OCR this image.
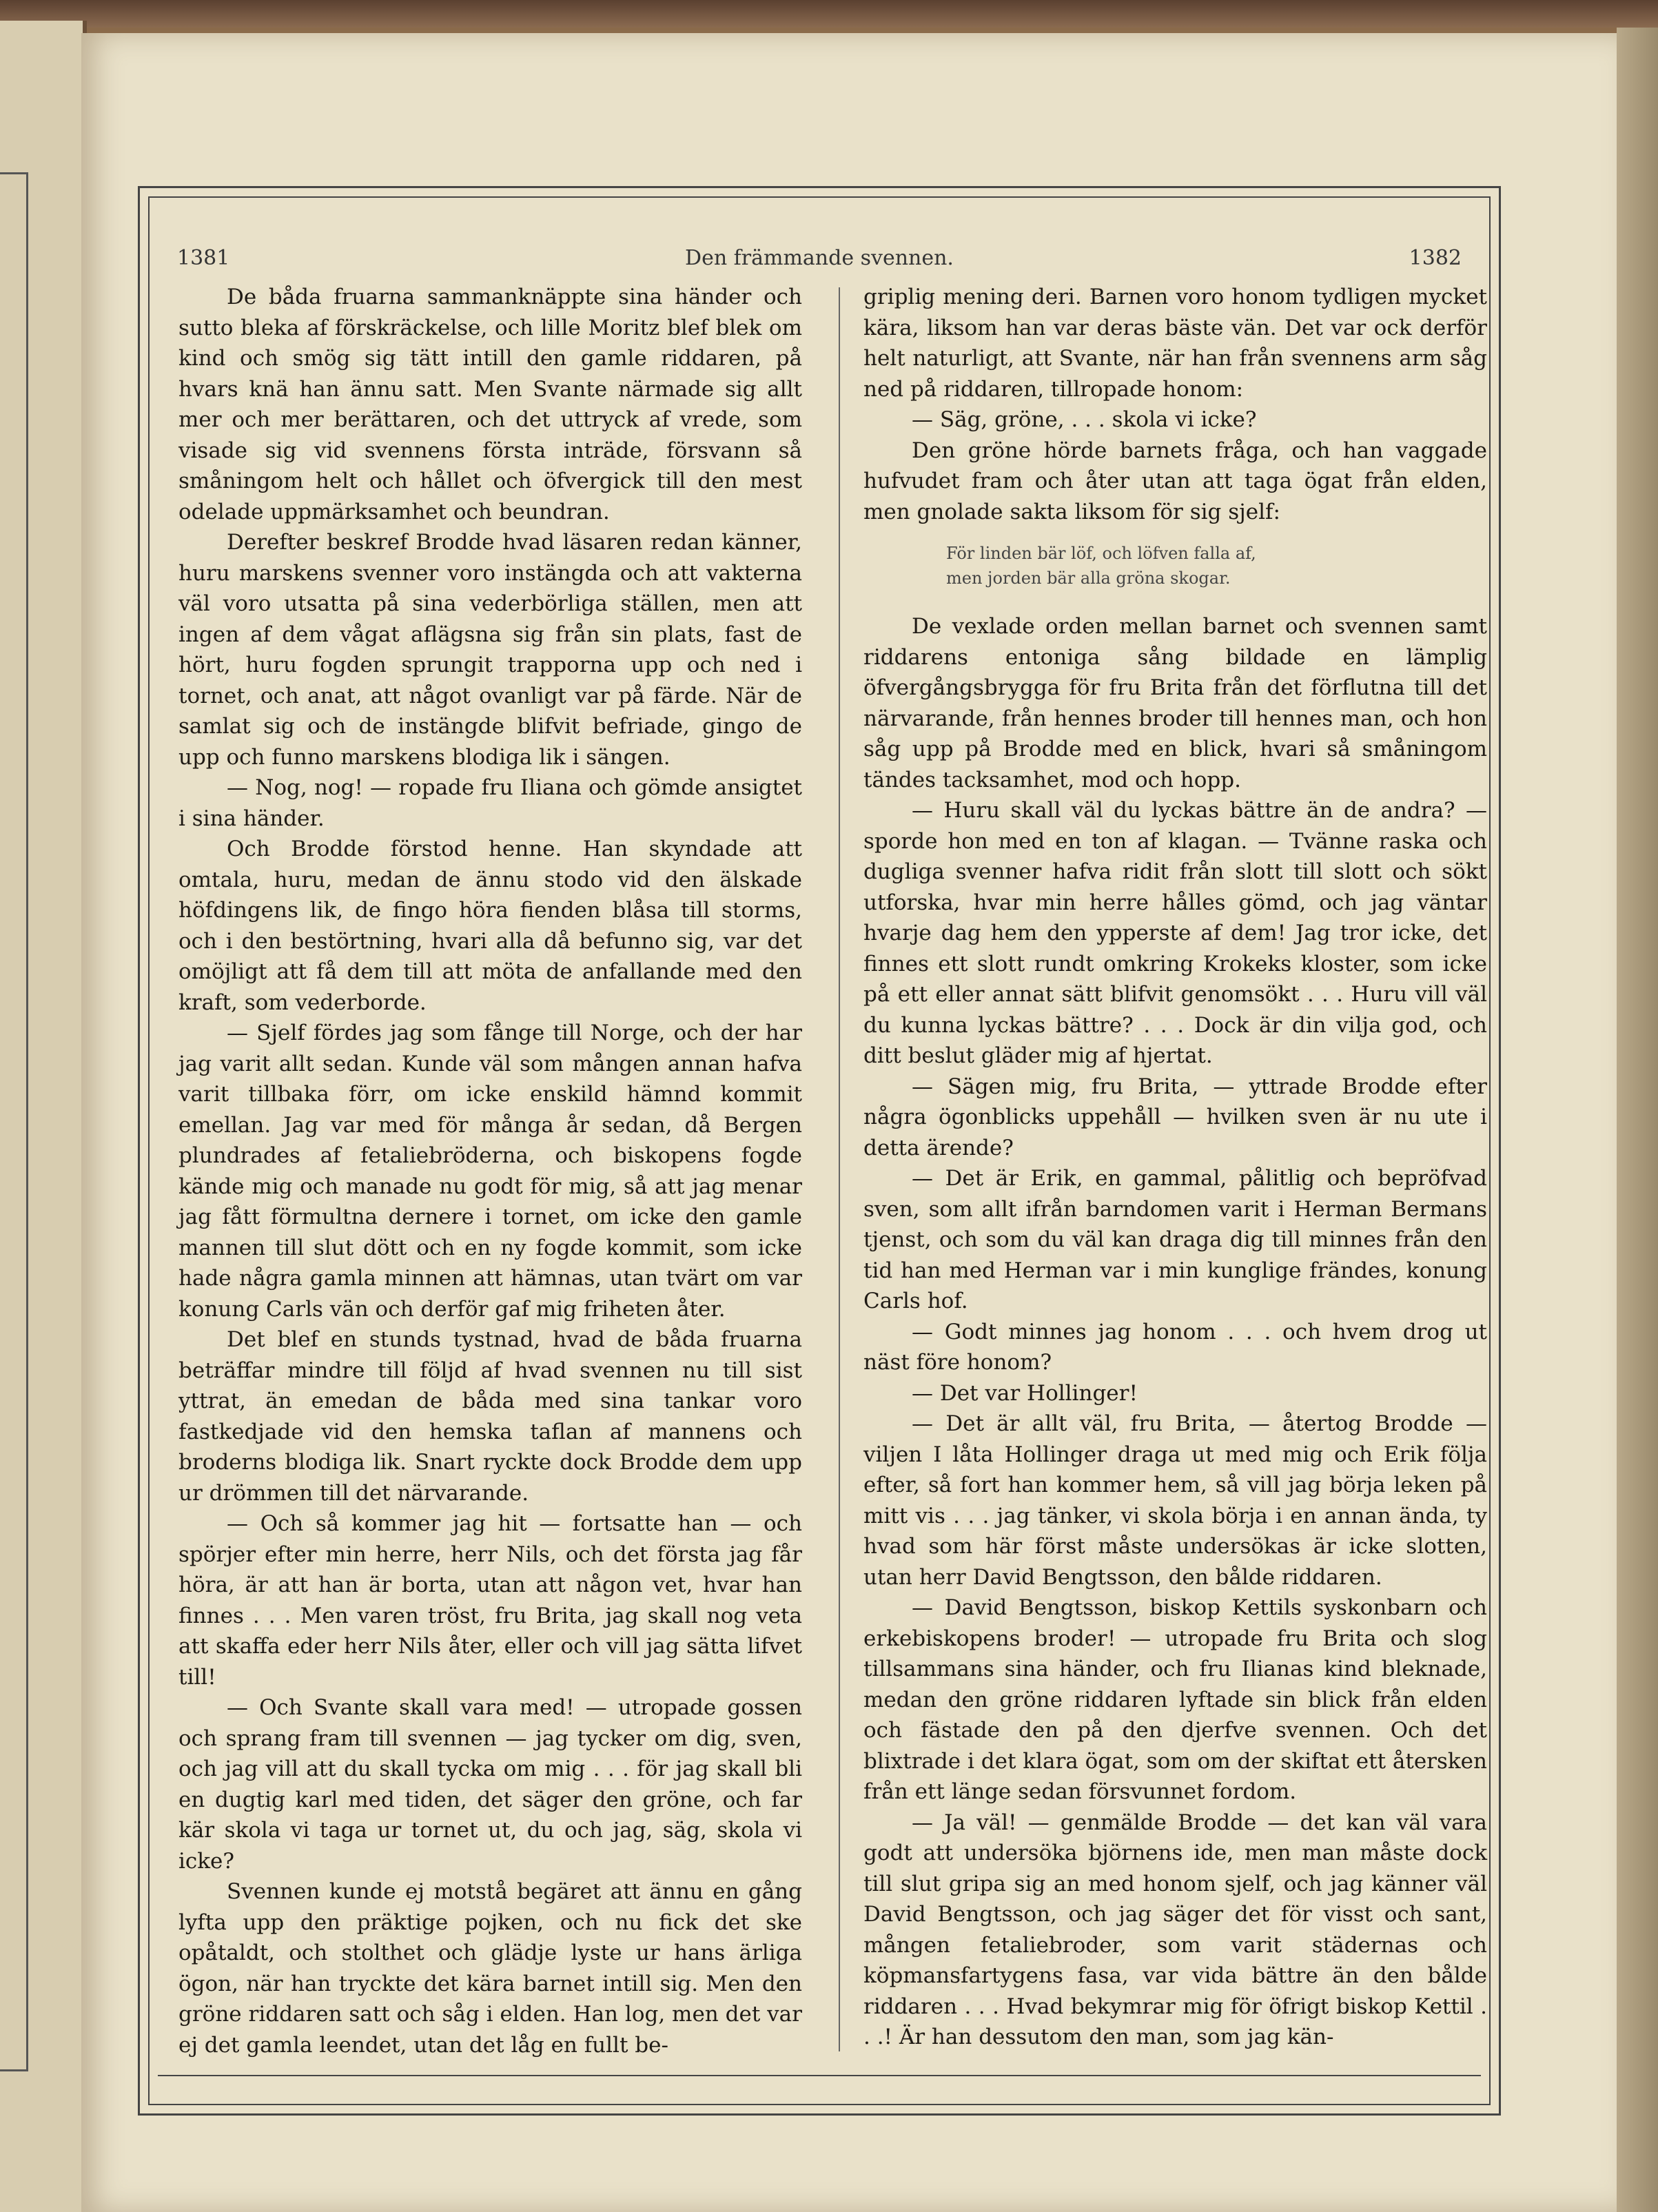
1381	Den främmande svennen.	1382

De båda fruarna sammanknäppte sina händer och sutto bleka af förskräckelse, och lille Moritz blef blek om kind och smög sig tätt intill den gamle riddaren, på hvars knä han ännu satt. Men Svante närmade sig allt mer och mer berättaren, och det uttryck af vrede, som visade sig vid svennens första inträde, försvann så småningom helt och hållet och öfvergick till den mest odelade uppmärksamhet och beundran.

Derefter beskref Brodde hvad läsaren redan känner, huru marskens svenner voro instängda och att vakterna väl voro utsatta på sina vederbörliga ställen, men att ingen af dem vågat aflägsna sig från sin plats, fast de hört, huru fogden sprungit trapporna upp och ned i tornet, och anat, att något ovanligt var på färde. När de samlat sig och de instängde blifvit befriade, gingo de upp och funno marskens blodiga lik i sängen.

— Nog, nog! — ropade fru Iliana och gömde ansigtet i sina händer.

Och Brodde förstod henne. Han skyndade att omtala, huru, medan de ännu stodo vid den älskade höfdingens lik, de fingo höra fienden blåsa till storms, och i den bestörtning, hvari alla då befunno sig, var det omöjligt att få dem till att möta de anfallande med den kraft, som vederborde.

— Sjelf fördes jag som fånge till Norge, och der har jag varit allt sedan. Kunde väl som mången annan hafva varit tillbaka förr, om icke enskild hämnd kommit emellan. Jag var med för många år sedan, då Bergen plundrades af fetaliebröderna, och biskopens fogde kände mig och manade nu godt för mig, så att jag menar jag fått förmultna dernere i tornet, om icke den gamle mannen till slut dött och en ny fogde kommit, som icke hade några gamla minnen att hämnas, utan tvärt om var konung Carls vän och derför gaf mig friheten åter.

Det blef en stunds tystnad, hvad de båda fruarna beträffar mindre till följd af hvad svennen nu till sist yttrat, än emedan de båda med sina tankar voro fastkedjade vid den hemska taflan af mannens och broderns blodiga lik. Snart ryckte dock Brodde dem upp ur drömmen till det närvarande.

— Och så kommer jag hit — fortsatte han — och spörjer efter min herre, herr Nils, och det första jag får höra, är att han är borta, utan att någon vet, hvar han finnes . . . Men varen tröst, fru Brita, jag skall nog veta att skaffa eder herr Nils åter, eller och vill jag sätta lifvet till!

— Och Svante skall vara med! — utropade gossen och sprang fram till svennen — jag tycker om dig, sven, och jag vill att du skall tycka om mig . . . för jag skall bli en dugtig karl med tiden, det säger den gröne, och far kär skola vi taga ur tornet ut, du och jag, säg, skola vi icke?

Svennen kunde ej motstå begäret att ännu en gång lyfta upp den präktige pojken, och nu fick det ske opåtaldt, och stolthet och glädje lyste ur hans ärliga ögon, när han tryckte det kära barnet intill sig. Men den gröne riddaren satt och såg i elden. Han log, men det var ej det gamla leendet, utan det låg en fullt be-

griplig mening deri. Barnen voro honom tydligen mycket kära, liksom han var deras bäste vän. Det var ock derför helt naturligt, att Svante, när han från svennens arm såg ned på riddaren, tillropade honom:

— Säg, gröne, . . . skola vi icke?

Den gröne hörde barnets fråga, och han vaggade hufvudet fram och åter utan att taga ögat från elden, men gnolade sakta liksom för sig sjelf:

För linden bär löf, och löfven falla af,
men jorden bär alla gröna skogar.

De vexlade orden mellan barnet och svennen samt riddarens entoniga sång bildade en lämplig öfvergångsbrygga för fru Brita från det förflutna till det närvarande, från hennes broder till hennes man, och hon såg upp på Brodde med en blick, hvari så småningom tändes tacksamhet, mod och hopp.

— Huru skall väl du lyckas bättre än de andra? — sporde hon med en ton af klagan. — Tvänne raska och dugliga svenner hafva ridit från slott till slott och sökt utforska, hvar min herre hålles gömd, och jag väntar hvarje dag hem den ypperste af dem! Jag tror icke, det finnes ett slott rundt omkring Krokeks kloster, som icke på ett eller annat sätt blifvit genomsökt . . . Huru vill väl du kunna lyckas bättre? . . . Dock är din vilja god, och ditt beslut gläder mig af hjertat.

— Sägen mig, fru Brita, — yttrade Brodde efter några ögonblicks uppehåll — hvilken sven är nu ute i detta ärende?

— Det är Erik, en gammal, pålitlig och bepröfvad sven, som allt ifrån barndomen varit i Herman Bermans tjenst, och som du väl kan draga dig till minnes från den tid han med Herman var i min kunglige frändes, konung Carls hof.

— Godt minnes jag honom . . . och hvem drog ut näst före honom?

— Det var Hollinger!

— Det är allt väl, fru Brita, — återtog Brodde — viljen I låta Hollinger draga ut med mig och Erik följa efter, så fort han kommer hem, så vill jag börja leken på mitt vis . . . jag tänker, vi skola börja i en annan ända, ty hvad som här först måste undersökas är icke slotten, utan herr David Bengtsson, den bålde riddaren.

— David Bengtsson, biskop Kettils syskonbarn och erkebiskopens broder! — utropade fru Brita och slog tillsammans sina händer, och fru Ilianas kind bleknade, medan den gröne riddaren lyftade sin blick från elden och fästade den på den djerfve svennen. Och det blixtrade i det klara ögat, som om der skiftat ett återsken från ett länge sedan försvunnet fordom.

— Ja väl! — genmälde Brodde — det kan väl vara godt att undersöka björnens ide, men man måste dock till slut gripa sig an med honom sjelf, och jag känner väl David Bengtsson, och jag säger det för visst och sant, mången fetaliebroder, som varit städernas och köpmansfartygens fasa, var vida bättre än den bålde riddaren . . . Hvad bekymrar mig för öfrigt biskop Kettil . . .! Är han dessutom den man, som jag kän-
